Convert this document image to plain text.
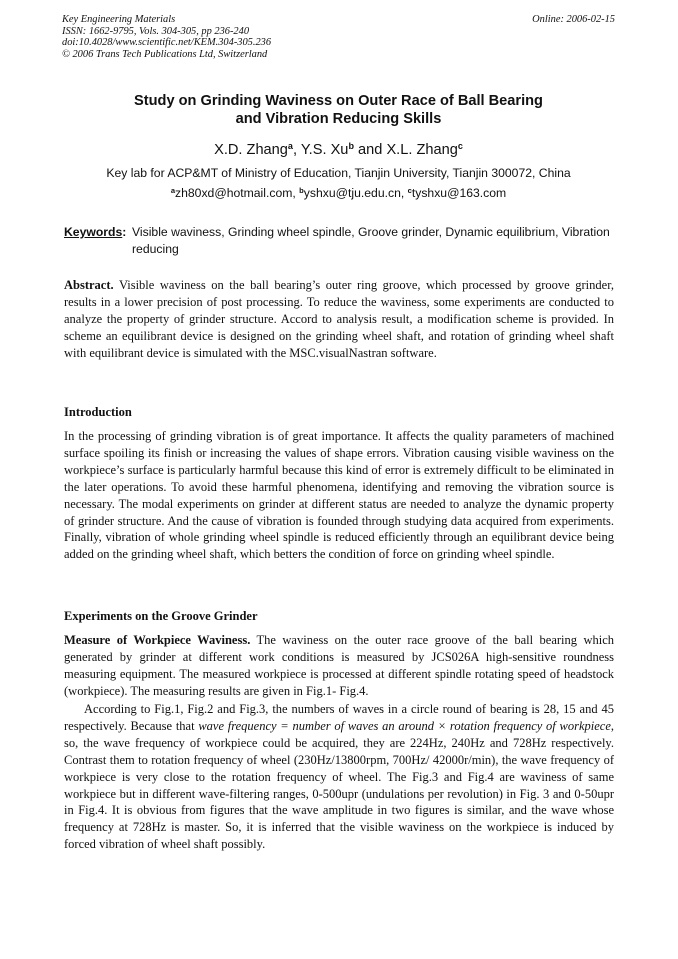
Key Engineering Materials
ISSN: 1662-9795, Vols. 304-305, pp 236-240
doi:10.4028/www.scientific.net/KEM.304-305.236
© 2006 Trans Tech Publications Ltd, Switzerland
Online: 2006-02-15
Study on Grinding Waviness on Outer Race of Ball Bearing
and Vibration Reducing Skills
X.D. Zhang$^a$, Y.S. Xu$^b$ and X.L. Zhang$^c$
Key lab for ACP&MT of Ministry of Education, Tianjin University, Tianjin 300072, China
$^a$zh80xd@hotmail.com, $^b$yshxu@tju.edu.cn, $^c$tyshxu@163.com
Keywords: Visible waviness, Grinding wheel spindle, Groove grinder, Dynamic equilibrium, Vibration reducing
Abstract. Visible waviness on the ball bearing’s outer ring groove, which processed by groove grinder, results in a lower precision of post processing. To reduce the waviness, some experiments are conducted to analyze the property of grinder structure. Accord to analysis result, a modification scheme is provided. In scheme an equilibrant device is designed on the grinding wheel shaft, and rotation of grinding wheel shaft with equilibrant device is simulated with the MSC.visualNastran software.
Introduction
In the processing of grinding vibration is of great importance. It affects the quality parameters of machined surface spoiling its finish or increasing the values of shape errors. Vibration causing visible waviness on the workpiece’s surface is particularly harmful because this kind of error is extremely difficult to be eliminated in the later operations. To avoid these harmful phenomena, identifying and removing the vibration source is necessary. The modal experiments on grinder at different status are needed to analyze the dynamic property of grinder structure. And the cause of vibration is founded through studying data acquired from experiments. Finally, vibration of whole grinding wheel spindle is reduced efficiently through an equilibrant device being added on the grinding wheel shaft, which betters the condition of force on grinding wheel spindle.
Experiments on the Groove Grinder
Measure of Workpiece Waviness. The waviness on the outer race groove of the ball bearing which generated by grinder at different work conditions is measured by JCS026A high-sensitive roundness measuring equipment. The measured workpiece is processed at different spindle rotating speed of headstock (workpiece). The measuring results are given in Fig.1- Fig.4.
According to Fig.1, Fig.2 and Fig.3, the numbers of waves in a circle round of bearing is 28, 15 and 45 respectively. Because that wave frequency = number of waves an around × rotation frequency of workpiece, so, the wave frequency of workpiece could be acquired, they are 224Hz, 240Hz and 728Hz respectively. Contrast them to rotation frequency of wheel (230Hz/13800rpm, 700Hz/ 42000r/min), the wave frequency of workpiece is very close to the rotation frequency of wheel. The Fig.3 and Fig.4 are waviness of same workpiece but in different wave-filtering ranges, 0-500upr (undulations per revolution) in Fig. 3 and 0-50upr in Fig.4. It is obvious from figures that the wave amplitude in two figures is similar, and the wave whose frequency at 728Hz is master. So, it is inferred that the visible waviness on the workpiece is induced by forced vibration of wheel shaft possibly.
